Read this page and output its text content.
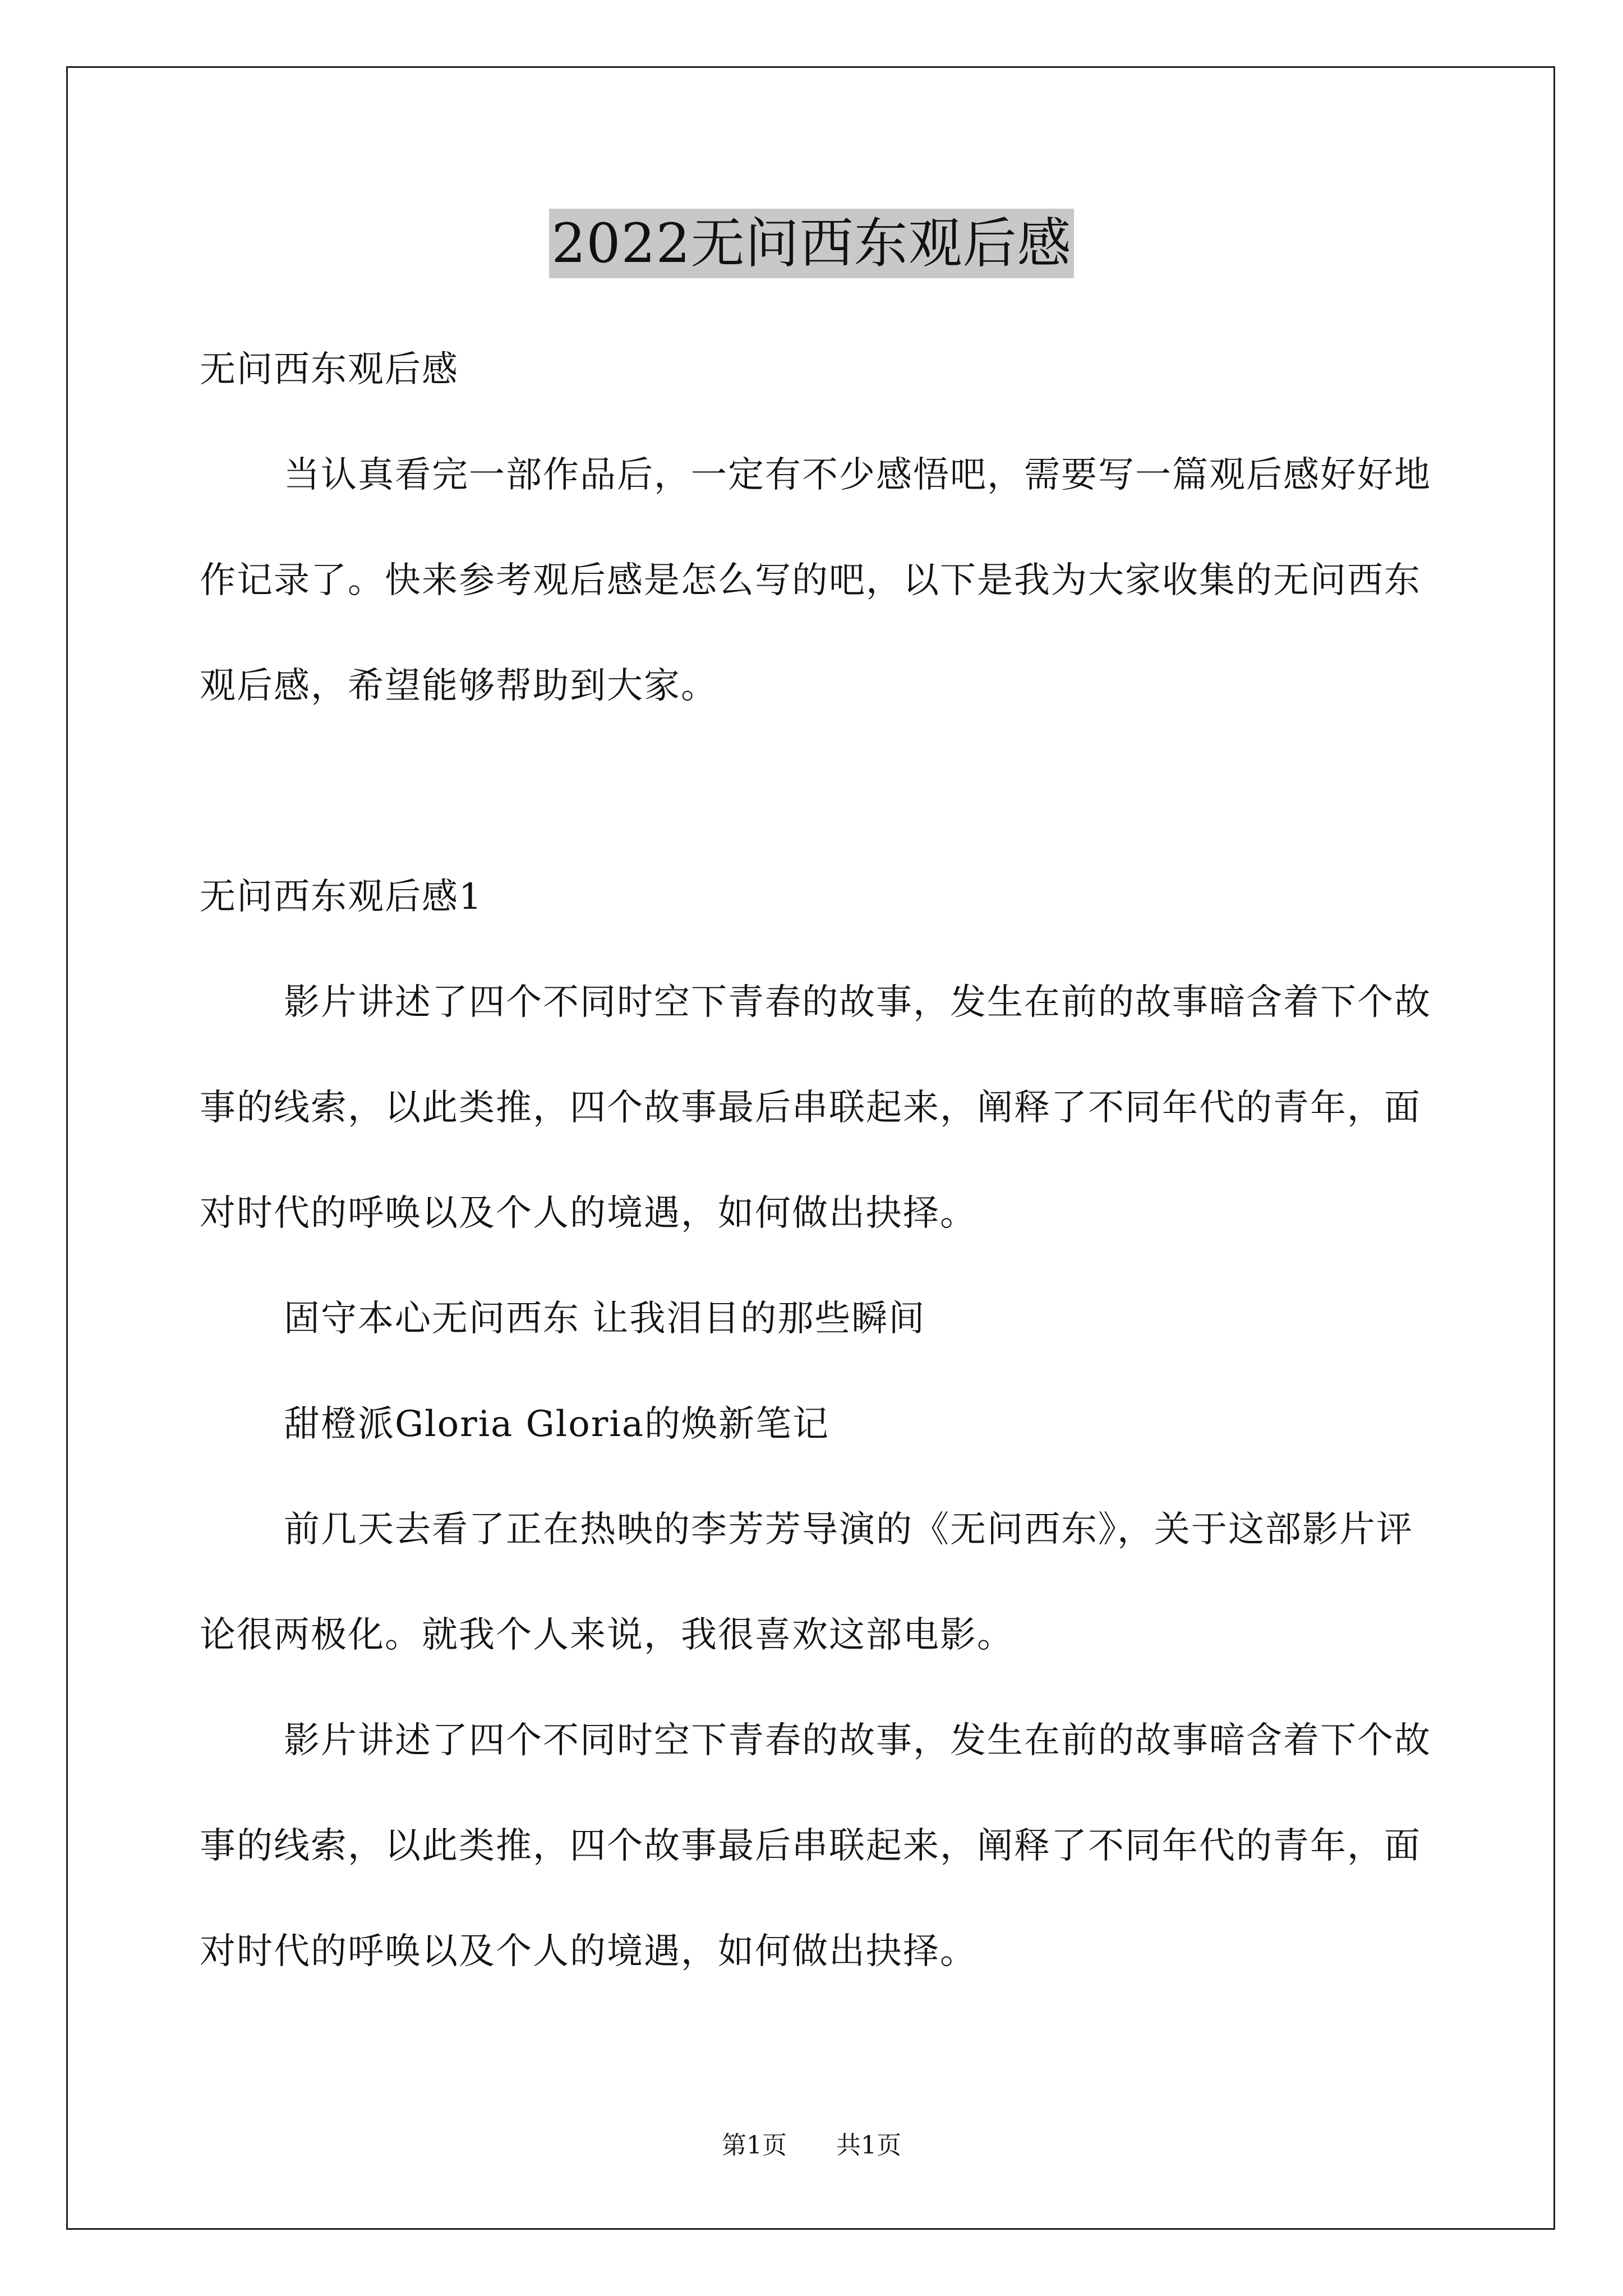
2022无问西东观后感

无问西东观后感

当认真看完一部作品后，一定有不少感悟吧，需要写一篇观后感好好地作记录了。快来参考观后感是怎么写的吧，以下是我为大家收集的无问西东观后感，希望能够帮助到大家。

无问西东观后感1

影片讲述了四个不同时空下青春的故事，发生在前的故事暗含着下个故事的线索，以此类推，四个故事最后串联起来，阐释了不同年代的青年，面对时代的呼唤以及个人的境遇，如何做出抉择。

固守本心无问西东 让我泪目的那些瞬间

甜橙派Gloria Gloria的焕新笔记

前几天去看了正在热映的李芳芳导演的《无问西东》，关于这部影片评论很两极化。就我个人来说，我很喜欢这部电影。

影片讲述了四个不同时空下青春的故事，发生在前的故事暗含着下个故事的线索，以此类推，四个故事最后串联起来，阐释了不同年代的青年，面对时代的呼唤以及个人的境遇，如何做出抉择。

第1页 共1页
